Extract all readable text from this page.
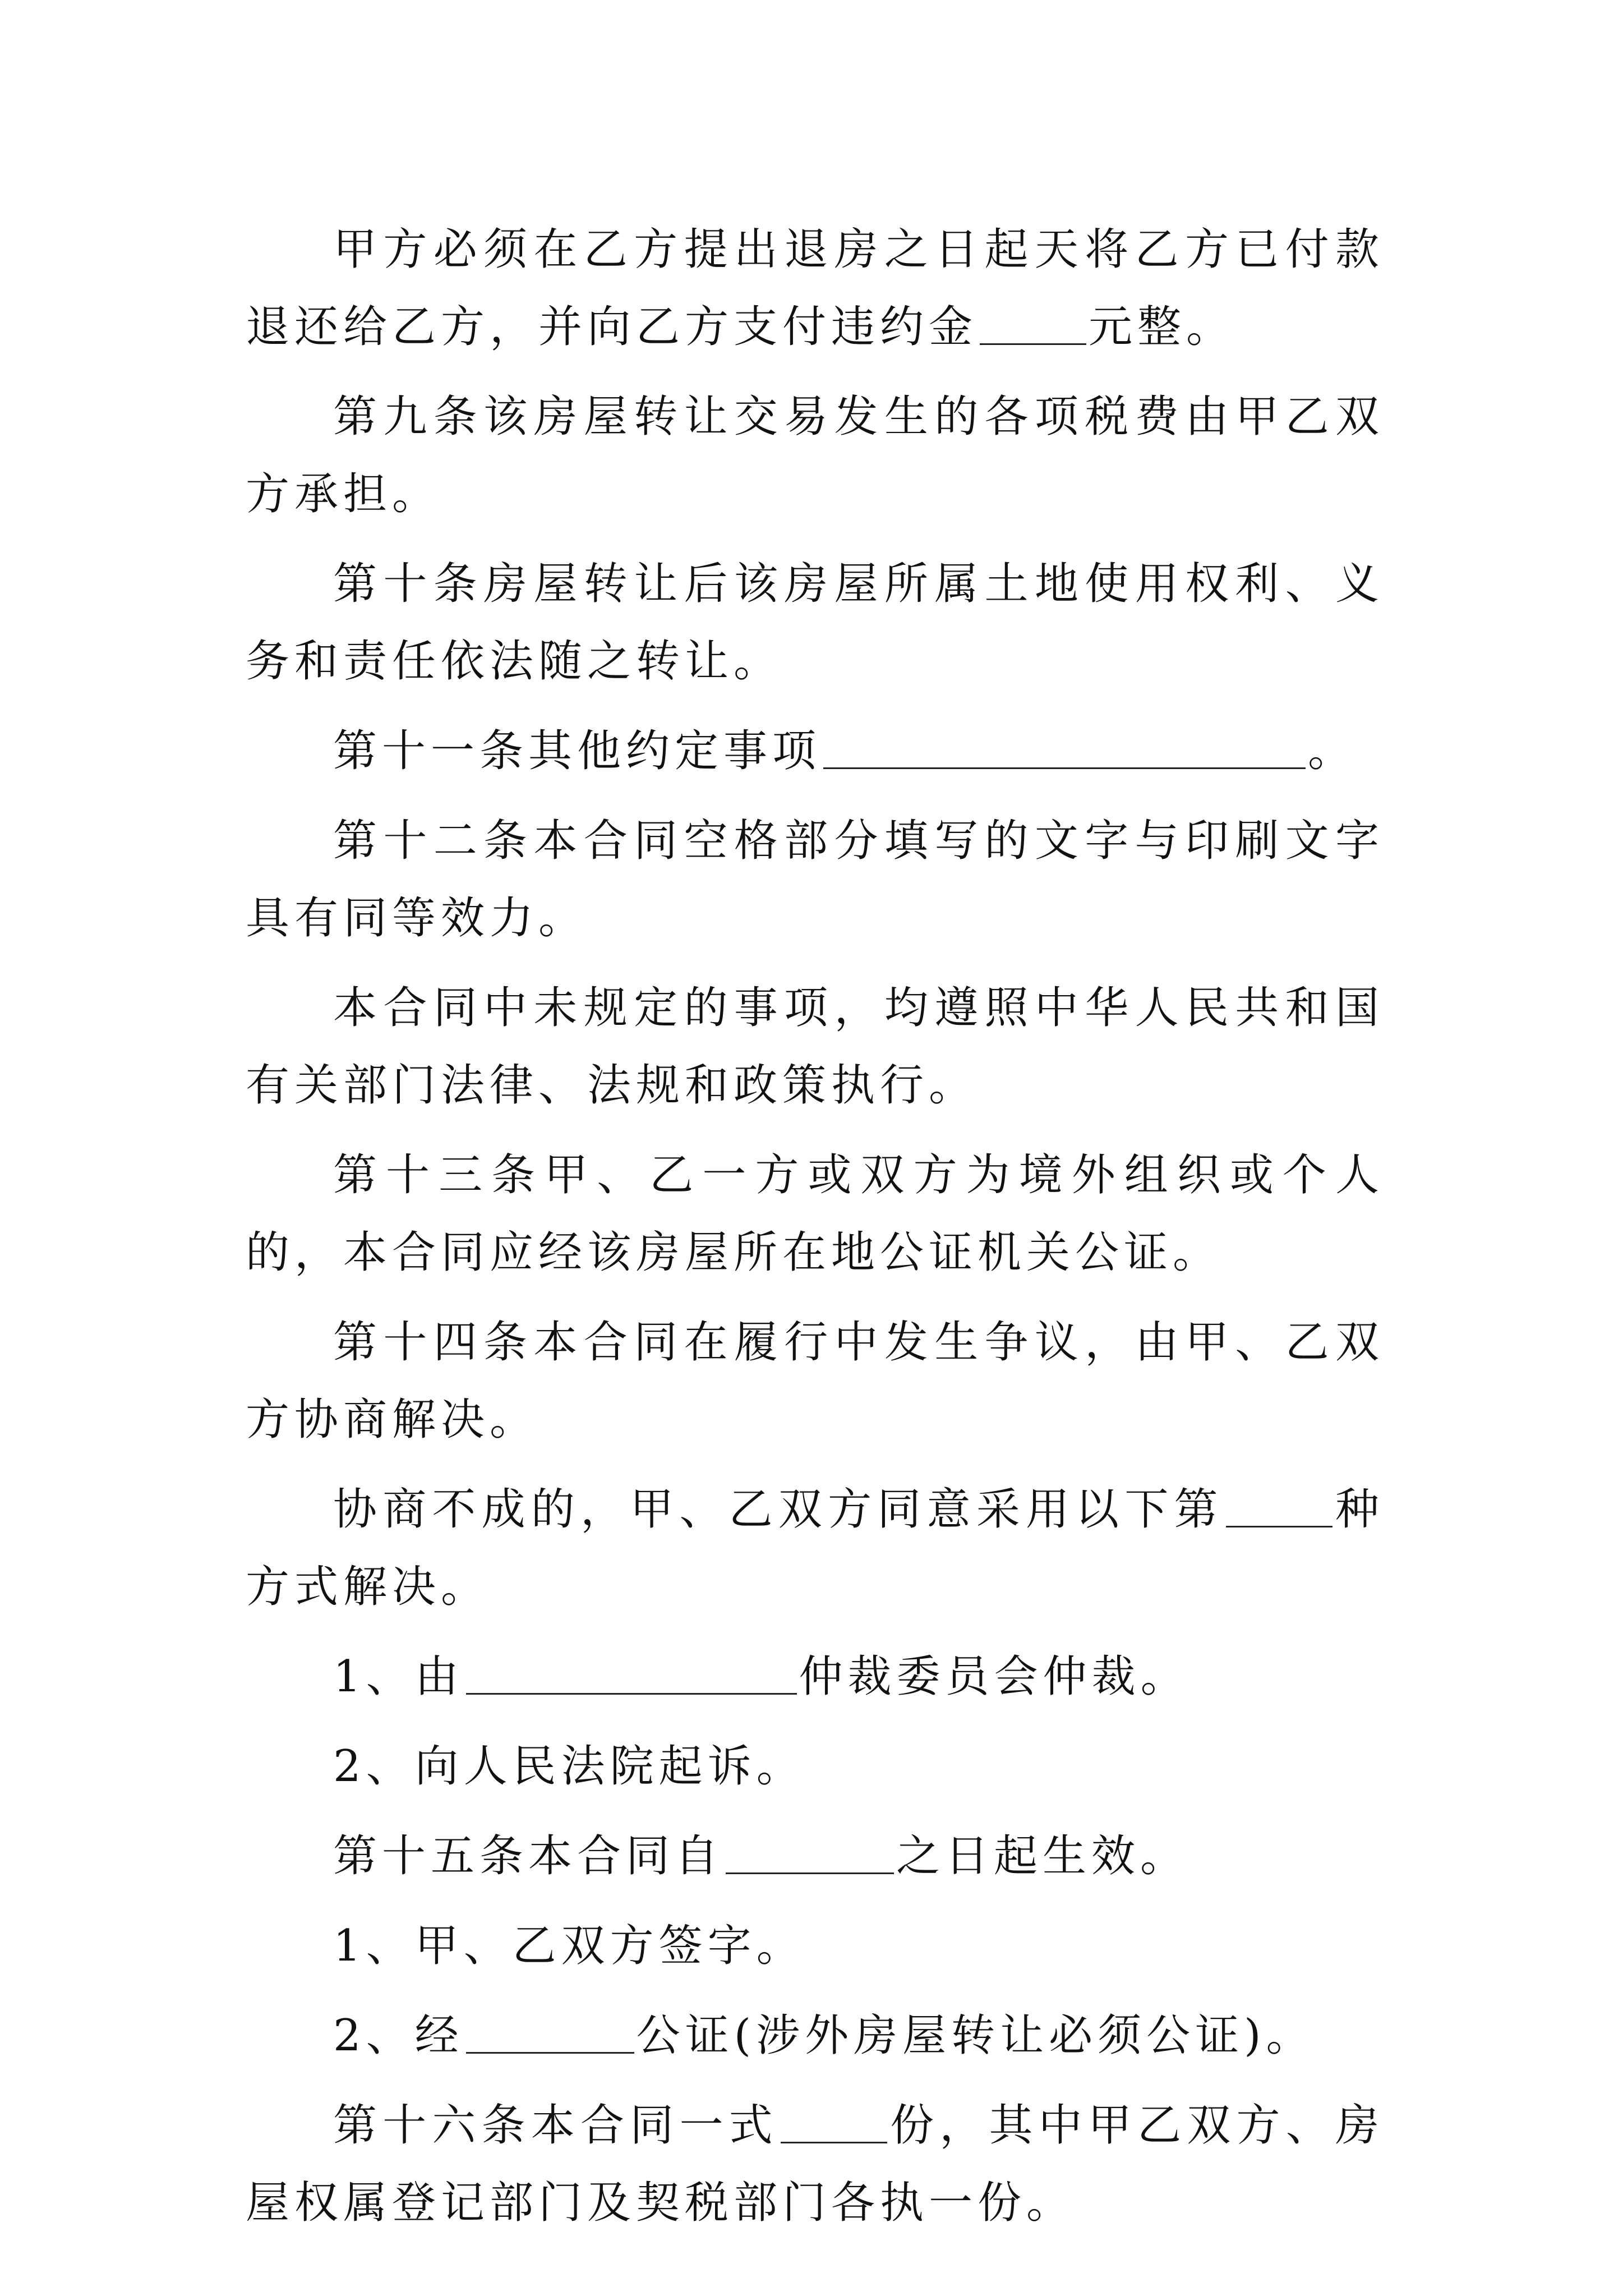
甲方必须在乙方提出退房之日起天将乙方已付款退还给乙方，并向乙方支付违约金	元整。

第九条该房屋转让交易发生的各项税费由甲乙双方承担。

第十条房屋转让后该房屋所属土地使用权利、义务和责任依法随之转让。

第十一条其他约定事项	。

第十二条本合同空格部分填写的文字与印刷文字具有同等效力。

本合同中未规定的事项，均遵照中华人民共和国有关部门法律、法规和政策执行。

第十三条甲、乙一方或双方为境外组织或个人的，本合同应经该房屋所在地公证机关公证。

第十四条本合同在履行中发生争议，由甲、乙双方协商解决。

协商不成的，甲、乙双方同意采用以下第	种方式解决。

1、由	仲裁委员会仲裁。

2、向人民法院起诉。

第十五条本合同自	之日起生效。

1、甲、乙双方签字。

2、经	公证(涉外房屋转让必须公证)。

第十六条本合同一式	份，其中甲乙双方、房屋权属登记部门及契税部门各执一份。
